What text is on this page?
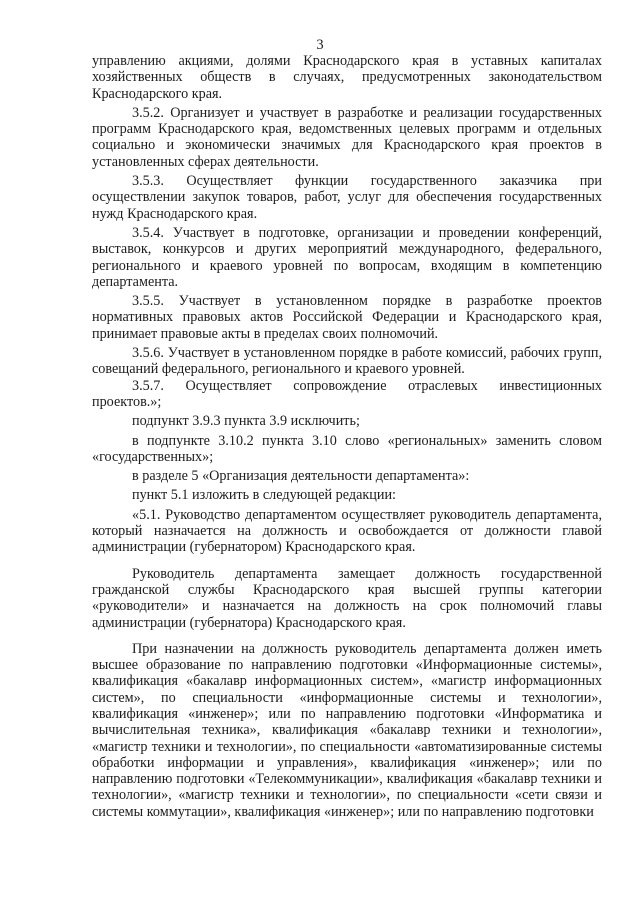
3

управлению акциями, долями Краснодарского края в уставных капиталах хозяйственных обществ в случаях, предусмотренных законодательством Краснодарского края.

3.5.2. Организует и участвует в разработке и реализации государственных программ Краснодарского края, ведомственных целевых программ и отдельных социально и экономически значимых для Краснодарского края проектов в установленных сферах деятельности.

3.5.3. Осуществляет функции государственного заказчика при осуществлении закупок товаров, работ, услуг для обеспечения государственных нужд Краснодарского края.

3.5.4. Участвует в подготовке, организации и проведении конференций, выставок, конкурсов и других мероприятий международного, федерального, регионального и краевого уровней по вопросам, входящим в компетенцию департамента.

3.5.5. Участвует в установленном порядке в разработке проектов нормативных правовых актов Российской Федерации и Краснодарского края, принимает правовые акты в пределах своих полномочий.

3.5.6. Участвует в установленном порядке в работе комиссий, рабочих групп, совещаний федерального, регионального и краевого уровней.

3.5.7. Осуществляет сопровождение отраслевых инвестиционных проектов.»;

подпункт 3.9.3 пункта 3.9 исключить;

в подпункте 3.10.2 пункта 3.10 слово «региональных» заменить словом «государственных»;

в разделе 5 «Организация деятельности департамента»:

пункт 5.1 изложить в следующей редакции:

«5.1. Руководство департаментом осуществляет руководитель департамента, который назначается на должность и освобождается от должности главой администрации (губернатором) Краснодарского края.

Руководитель департамента замещает должность государственной гражданской службы Краснодарского края высшей группы категории «руководители» и назначается на должность на срок полномочий главы администрации (губернатора) Краснодарского края.

При назначении на должность руководитель департамента должен иметь высшее образование по направлению подготовки «Информационные системы», квалификация «бакалавр информационных систем», «магистр информационных систем», по специальности «информационные системы и технологии», квалификация «инженер»; или по направлению подготовки «Информатика и вычислительная техника», квалификация «бакалавр техники и технологии», «магистр техники и технологии», по специальности «автоматизированные системы обработки информации и управления», квалификация «инженер»; или по направлению подготовки «Телекоммуникации», квалификация «бакалавр техники и технологии», «магистр техники и технологии», по специальности «сети связи и системы коммутации», квалификация «инженер»; или по направлению подготовки
